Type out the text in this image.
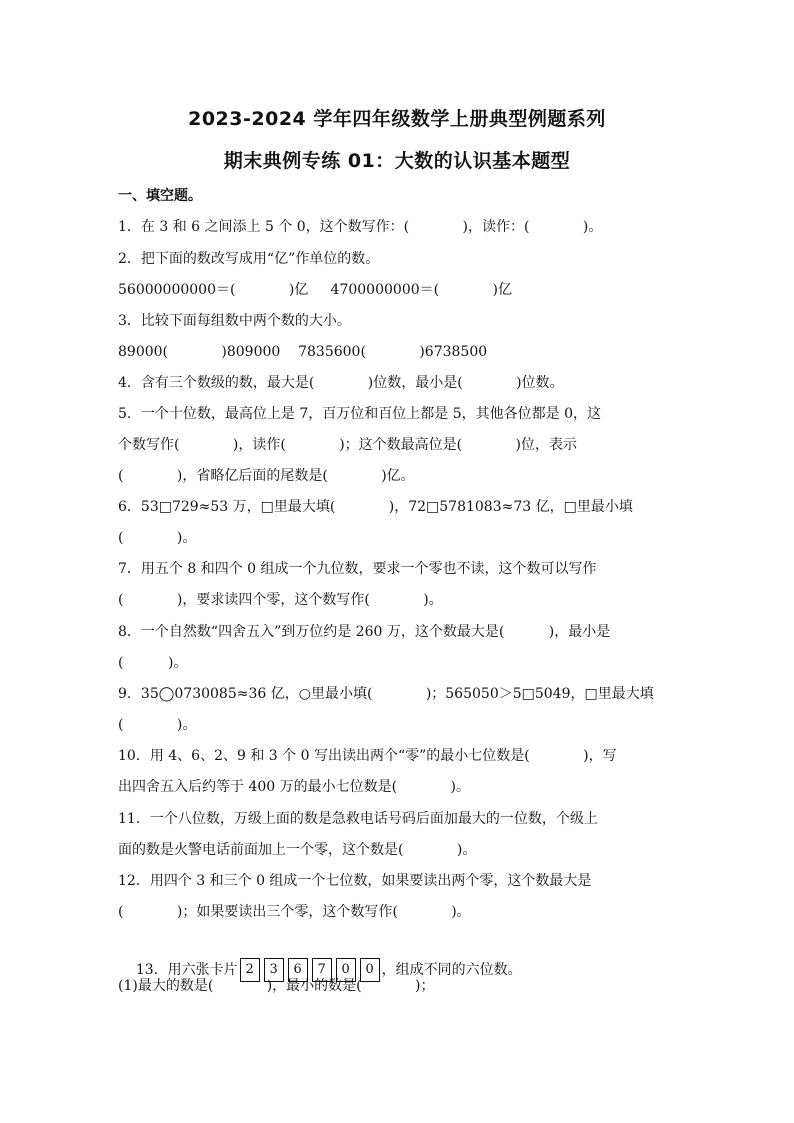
2023-2024 学年四年级数学上册典型例题系列
期末典例专练 01：大数的认识基本题型
一、填空题。
1．在 3 和 6 之间添上 5 个 0，这个数写作：(            )，读作：(            )。
2．把下面的数改写成用“亿”作单位的数。
56000000000＝(            )亿     4700000000＝(            )亿
3．比较下面每组数中两个数的大小。
89000(            )809000    7835600(            )6738500
4．含有三个数级的数，最大是(            )位数，最小是(            )位数。
5．一个十位数，最高位上是 7，百万位和百位上都是 5，其他各位都是 0，这
个数写作(            )，读作(            )；这个数最高位是(            )位，表示
(            )，省略亿后面的尾数是(            )亿。
6．53□729≈53 万，□里最大填(            )，72□5781083≈73 亿，□里最小填
(            )。
7．用五个 8 和四个 0 组成一个九位数，要求一个零也不读，这个数可以写作
(            )，要求读四个零，这个数写作(            )。
8．一个自然数“四舍五入”到万位约是 260 万，这个数最大是(          )，最小是
(          )。
9．35◯0730085≈36 亿，○里最小填(            )；565050＞5□5049，□里最大填
(            )。
10．用 4、6、2、9 和 3 个 0 写出读出两个“零”的最小七位数是(            )，写
出四舍五入后约等于 400 万的最小七位数是(            )。
11．一个八位数，万级上面的数是急救电话号码后面加最大的一位数，个级上
面的数是火警电话前面加上一个零，这个数是(            )。
12．用四个 3 和三个 0 组成一个七位数，如果要读出两个零，这个数最大是
(            )；如果要读出三个零，这个数写作(            )。

13．用六张卡片 2 3 6 7 0 0 ，组成不同的六位数。

(1)最大的数是(            )，最小的数是(            )；
